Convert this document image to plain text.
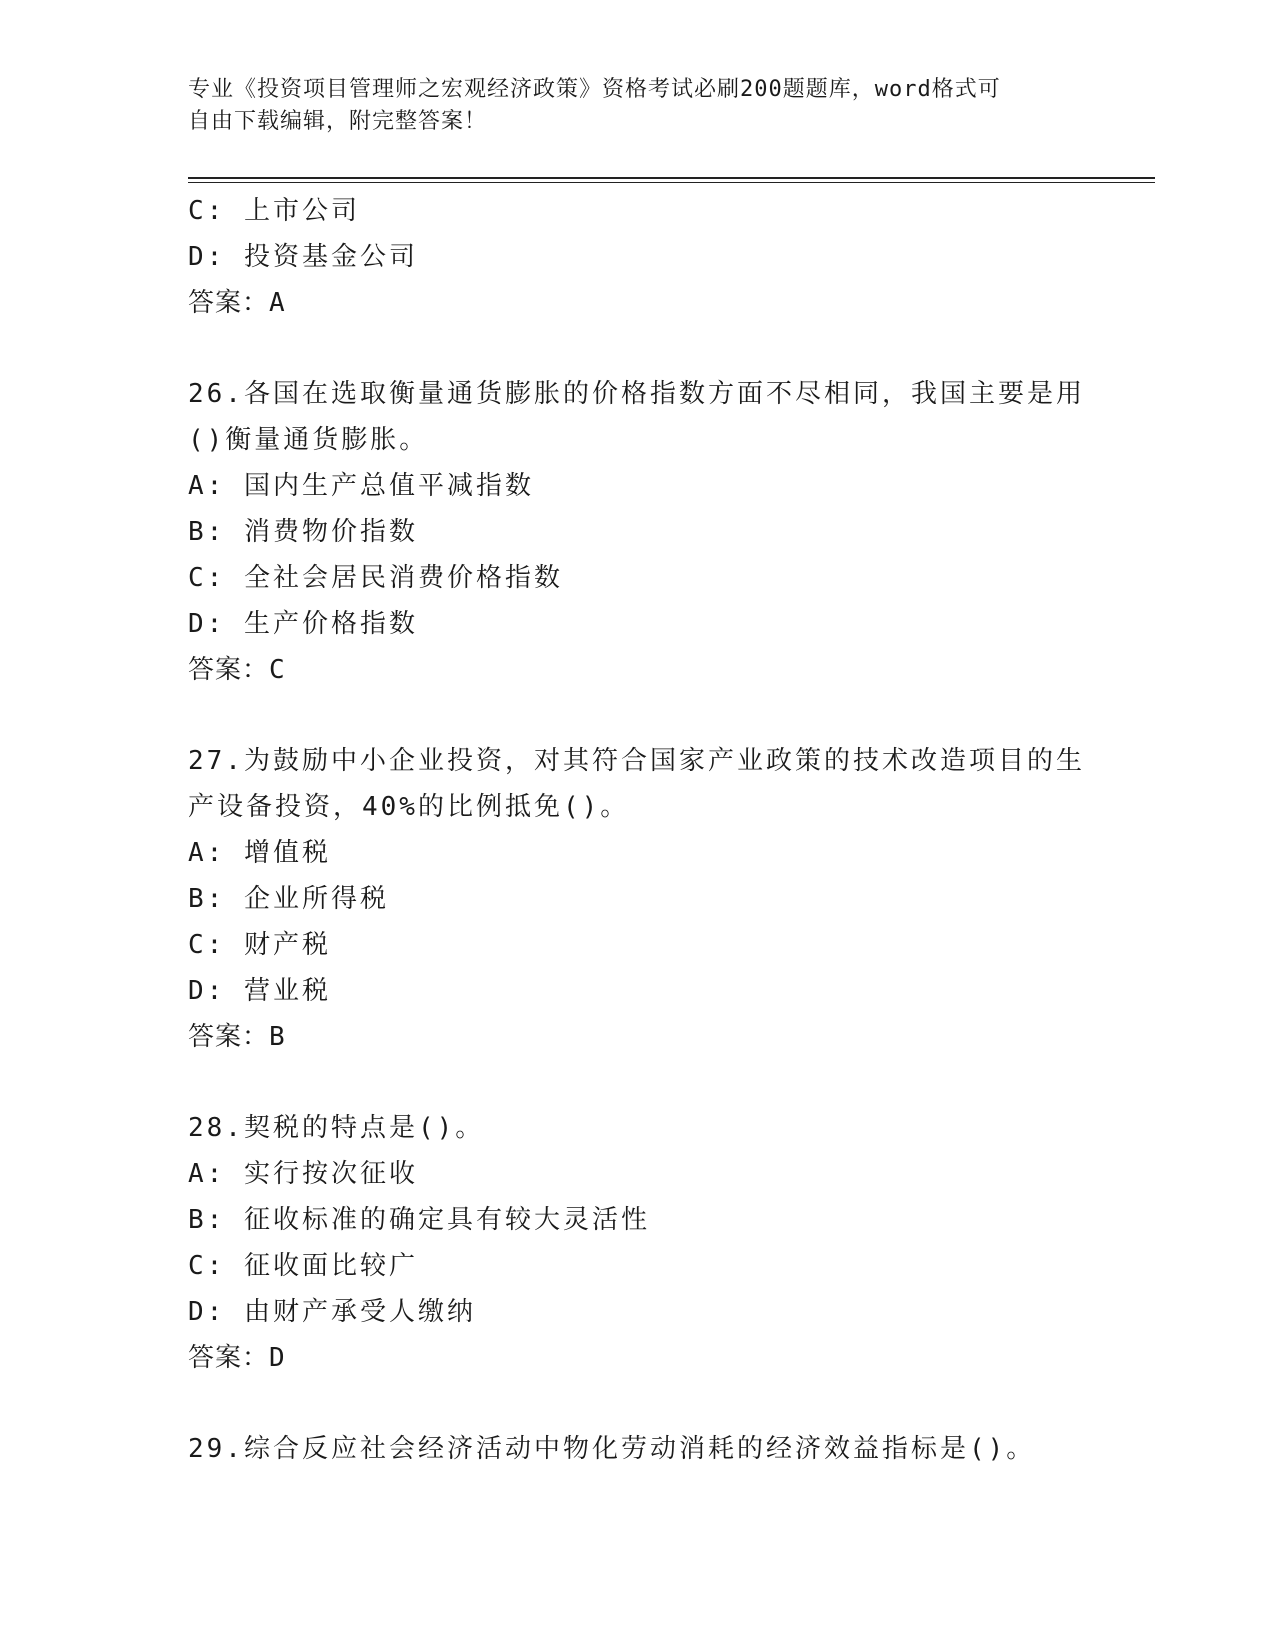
专业《投资项目管理师之宏观经济政策》资格考试必刷200题题库，word格式可
自由下载编辑，附完整答案！
C: 上市公司
D: 投资基金公司
答案：A
26.各国在选取衡量通货膨胀的价格指数方面不尽相同，我国主要是用
()衡量通货膨胀。
A: 国内生产总值平减指数
B: 消费物价指数
C: 全社会居民消费价格指数
D: 生产价格指数
答案：C
27.为鼓励中小企业投资，对其符合国家产业政策的技术改造项目的生
产设备投资，40%的比例抵免()。
A: 增值税
B: 企业所得税
C: 财产税
D: 营业税
答案：B
28.契税的特点是()。
A: 实行按次征收
B: 征收标准的确定具有较大灵活性
C: 征收面比较广
D: 由财产承受人缴纳
答案：D
29.综合反应社会经济活动中物化劳动消耗的经济效益指标是()。
